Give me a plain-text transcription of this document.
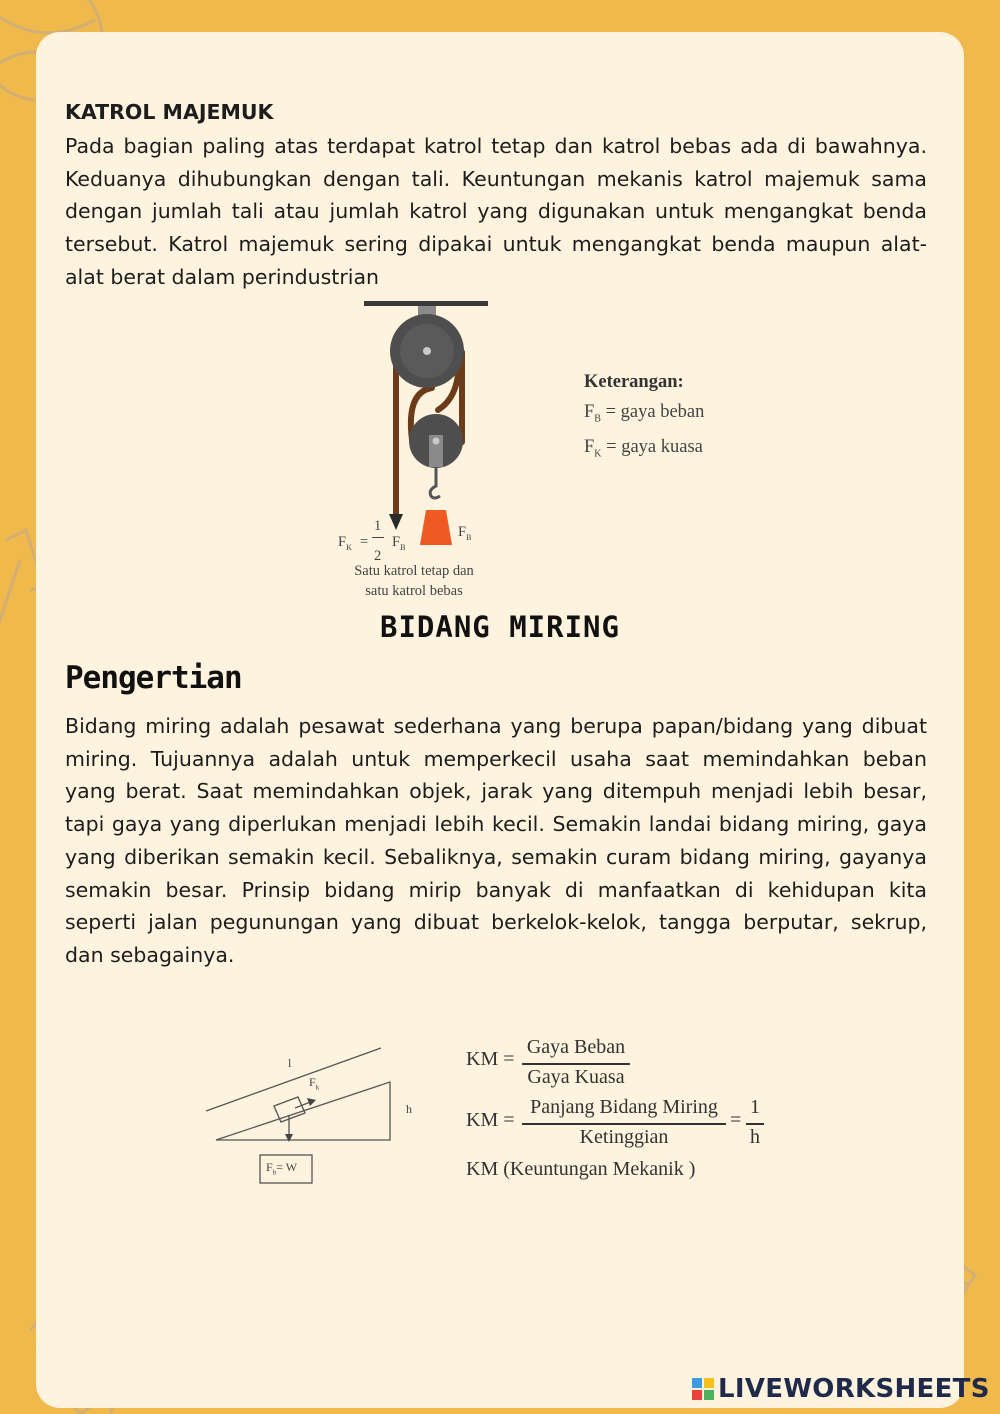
KATROL MAJEMUK

Pada bagian paling atas terdapat katrol tetap dan katrol bebas ada di bawahnya. Keduanya dihubungkan dengan tali. Keuntungan mekanis katrol majemuk sama dengan jumlah tali atau jumlah katrol yang digunakan untuk mengangkat benda tersebut. Katrol majemuk sering dipakai untuk mengangkat benda maupun alat-alat berat dalam perindustrian

$F_K$ =
1
2
$F_B$
$F_B$

Satu katrol tetap dan

satu katrol bebas

Keterangan:

$F_B$ = gaya beban

$F_K$ = gaya kuasa

BIDANG MIRING
Pengertian

Bidang miring adalah pesawat sederhana yang berupa papan/bidang yang dibuat miring. Tujuannya adalah untuk memperkecil usaha saat memindahkan beban yang berat. Saat memindahkan objek, jarak yang ditempuh menjadi lebih besar, tapi gaya yang diperlukan menjadi lebih kecil. Semakin landai bidang miring, gaya yang diberikan semakin kecil. Sebaliknya, semakin curam bidang miring, gayanya semakin besar. Prinsip bidang mirip banyak di manfaatkan di kehidupan kita seperti jalan pegunungan yang dibuat berkelok-kelok, tangga berputar, sekrup, dan sebagainya.

l
h
$F_k$
$F_b= W$
KM =
Gaya Beban
Gaya Kuasa
KM =
Panjang Bidang Miring
Ketinggian
=
1
h
KM (Keuntungan Mekanik )

LIVEWORKSHEETS
